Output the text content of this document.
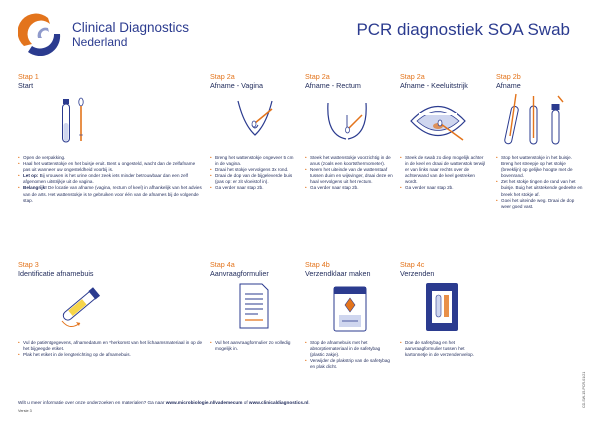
Clinical Diagnostics
Nederland
PCR diagnostiek SOA Swab
Stap 1
Start
• Open de verpakking.
• Haal het wattenstokje en het buisje eruit. Bent u ongesteld, wacht dan de zelfafname pas uit wanneer uw ongesteldheid voorbij is.
• Let op: Bij vrouwen is het urine onder zeek iets minder betrouwbaar dan een zelf afgenomen uitstrijkje uit de vagina.
• Belangrijk! De locatie van afname (vagina, rectum of keel) in afhankelijk van het advies van de arts. Het wattenstokje is te gebruiken voor één van de afnames bij de volgende stap.
Stap 2a
Afname - Vagina
• Breng het wattenstokje ongeveer 5 cm in de vagina.
• Draai het stokje vervolgens 3x rond.
• Draai de dop van de bijgeleverde buis (pas op: er zit vloeistof in).
• Ga verder naar stap 2b.
Stap 2a
Afname - Rectum
• Steek het wattenstokje voorzichtig in de anus (zoals een koortsthermometer).
• Neem het uiteinde van de wattenstaaf tussen duim en wijsvinger, draai deze en haal vervolgens uit het rectum.
• Ga verder naar stap 2b.
Stap 2a
Afname - Keeluitstrijk
• Steek de swab zo diep mogelijk achter in de keel en draai de wattenstok terwijl er van links naar rechts over de achterwand van de keel gestreken wordt.
• Ga verder naar stap 2b.
Stap 2b
Afname
• Stop het wattenstokje in het buisje. Breng het streepje op het stokje (breeklijn) op gelijke hoogte met de bovenrand.
• Zet het stokje tingen de rand van het buisje. Buig het uitstekende gedeelte en breek het stokje af.
• Goei het uiteinde weg. Draai de dop weer goed vast.
Stap 3
Identificatie afnamebuis
• Vul de patiëntgegevens, afnamedatum en *herkomst van het lichaamsmateriaal in op de het bijgeegde etiket.
• Plak het etiket in de lengterichting op de afnamebuis.
Stap 4a
Aanvraagformulier
• Vul het aanvraagformulier zo volledig mogelijk in.
Stap 4b
Verzendklaar maken
• Stop de afnamebuis met het absorptiemateriaal in de safetybag (plastic zakje).
• Verwijder de plakstrip van de safetybag en plak dicht.
Stap 4c
Verzenden
• Doe de safetybag en het aanvraagformulier tussen het kartonnetje in de verzendenvelop.
Wilt u meer informatie over onze onderzoeken en materialen? Ga naar www.microbiologie.nl/vademecum of www.clinicaldiagnostics.nl.
Versie 3
CD-SW-15-PCR-01/21
